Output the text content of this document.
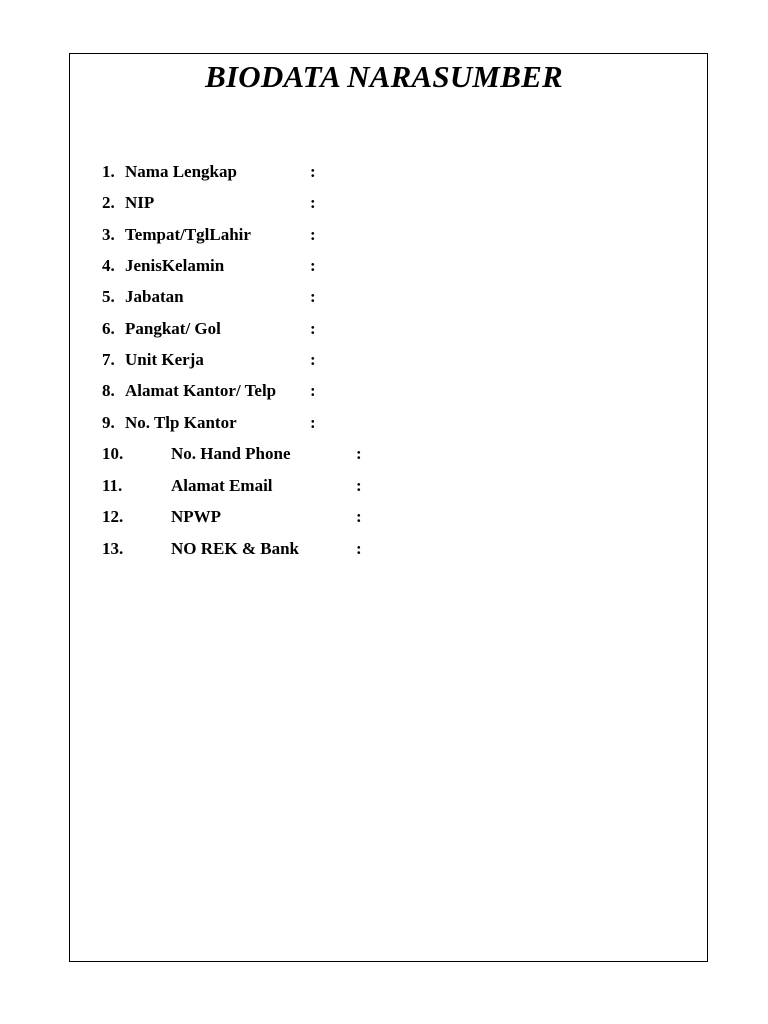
BIODATA NARASUMBER
1. Nama Lengkap	:
2. NIP	:
3. Tempat/TglLahir	:
4. JenisKelamin	:
5. Jabatan	:
6. Pangkat/ Gol	:
7. Unit Kerja	:
8. Alamat Kantor/ Telp :
9. No. Tlp Kantor	:
10.	No. Hand Phone	:
11.	Alamat Email	:
12.	NPWP	:
13.	NO REK & Bank	:
